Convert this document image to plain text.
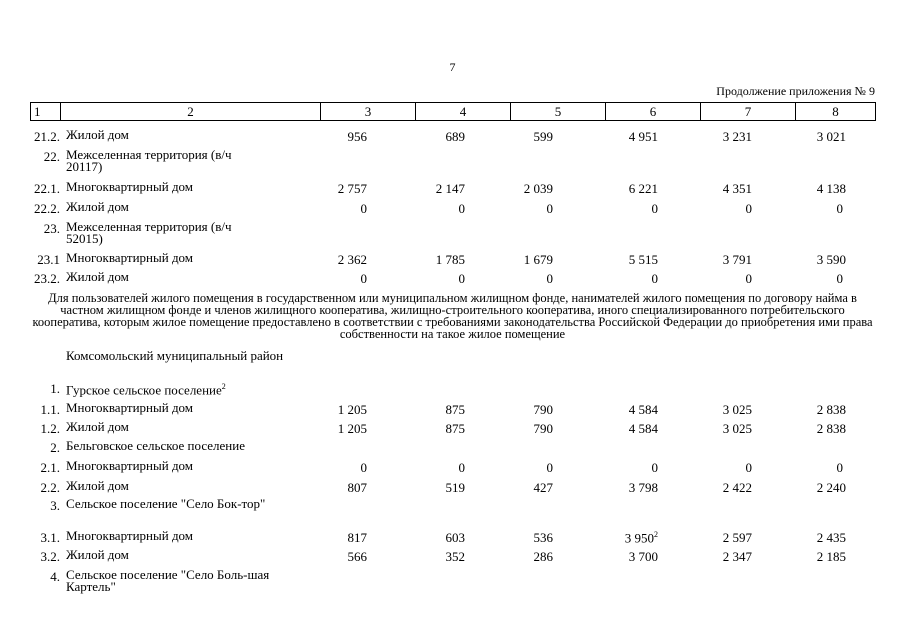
7
Продолжение приложения № 9
1	2	3	4	5	6	7	8
21.2. Жилой дом	956	689	599	4 951	3 231	3 021
22. Межселенная территория (в/ч 20117)
22.1. Многоквартирный дом	2 757	2 147	2 039	6 221	4 351	4 138
22.2. Жилой дом	0	0	0	0	0	0
23. Межселенная территория (в/ч 52015)
23.1 Многоквартирный дом	2 362	1 785	1 679	5 515	3 791	3 590
23.2. Жилой дом	0	0	0	0	0	0
Для пользователей жилого помещения в государственном или муниципальном жилищном фонде, нанимателей жилого помещения по договору найма в частном жилищном фонде и членов жилищного кооператива, жилищно-строительного кооператива, иного специализированного потребительского кооператива, которым жилое помещение предоставлено в соответствии с требованиями законодательства Российской Федерации до приобретения ими права собственности на такое жилое помещение
Комсомольский муниципальный район
1. Гурское сельское поселение$^2$
1.1. Многоквартирный дом	1 205	875	790	4 584	3 025	2 838
1.2. Жилой дом	1 205	875	790	4 584	3 025	2 838
2. Бельговское сельское поселение
2.1. Многоквартирный дом	0	0	0	0	0	0
2.2. Жилой дом	807	519	427	3 798	2 422	2 240
3. Сельское поселение "Село Бок-тор"
3.1. Многоквартирный дом	817	603	536	3 $950^2$	2 597	2 435
3.2. Жилой дом	566	352	286	3 700	2 347	2 185
4. Сельское поселение "Село Боль-шая Картель"
